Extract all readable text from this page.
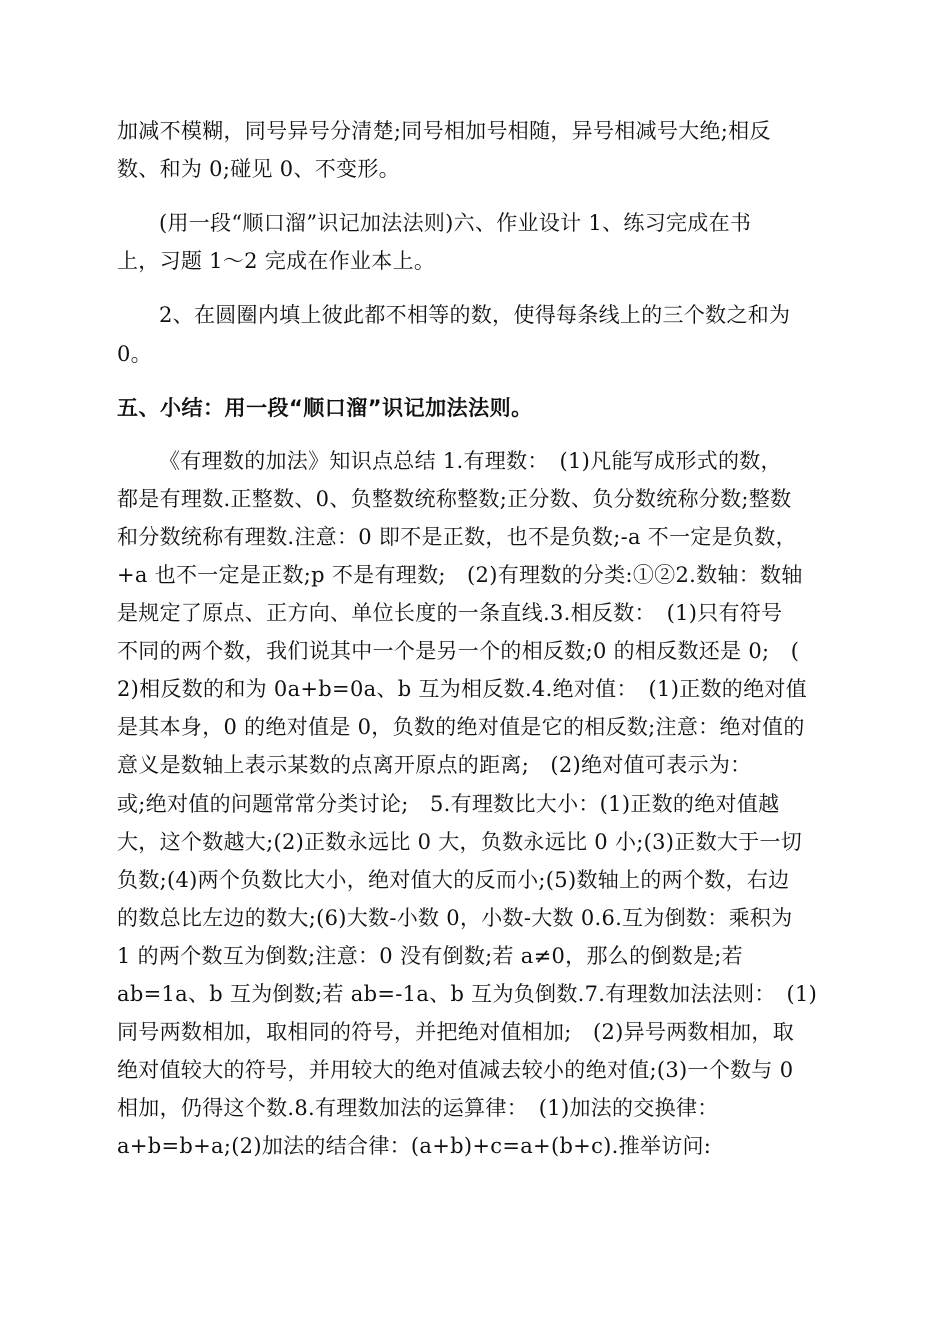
加减不模糊，同号异号分清楚;同号相加号相随，异号相减号大绝;相反
数、和为 0;碰见 0、不变形。
(用一段“顺口溜”识记加法法则)六、作业设计 1、练习完成在书
上，习题 1～2 完成在作业本上。
2、在圆圈内填上彼此都不相等的数，使得每条线上的三个数之和为
0。
五、小结：用一段“顺口溜”识记加法法则。
《有理数的加法》知识点总结 1.有理数：　(1)凡能写成形式的数，
都是有理数.正整数、0、负整数统称整数;正分数、负分数统称分数;整数
和分数统称有理数.注意：0 即不是正数，也不是负数;-a 不一定是负数，
+a 也不一定是正数;p 不是有理数;　(2)有理数的分类:①②2.数轴：数轴
是规定了原点、正方向、单位长度的一条直线.3.相反数：　(1)只有符号
不同的两个数，我们说其中一个是另一个的相反数;0 的相反数还是 0;　(
2)相反数的和为 0a+b=0a、b 互为相反数.4.绝对值：　(1)正数的绝对值
是其本身，0 的绝对值是 0，负数的绝对值是它的相反数;注意：绝对值的
意义是数轴上表示某数的点离开原点的距离;　(2)绝对值可表示为：
或;绝对值的问题常常分类讨论;　5.有理数比大小：(1)正数的绝对值越
大，这个数越大;(2)正数永远比 0 大，负数永远比 0 小;(3)正数大于一切
负数;(4)两个负数比大小，绝对值大的反而小;(5)数轴上的两个数，右边
的数总比左边的数大;(6)大数-小数 0，小数-大数 0.6.互为倒数：乘积为
1 的两个数互为倒数;注意：0 没有倒数;若 a≠0，那么的倒数是;若
ab=1a、b 互为倒数;若 ab=-1a、b 互为负倒数.7.有理数加法法则：　(1)
同号两数相加，取相同的符号，并把绝对值相加;　(2)异号两数相加，取
绝对值较大的符号，并用较大的绝对值减去较小的绝对值;(3)一个数与 0
相加，仍得这个数.8.有理数加法的运算律：　(1)加法的交换律：
a+b=b+a;(2)加法的结合律：(a+b)+c=a+(b+c).推举访问:
